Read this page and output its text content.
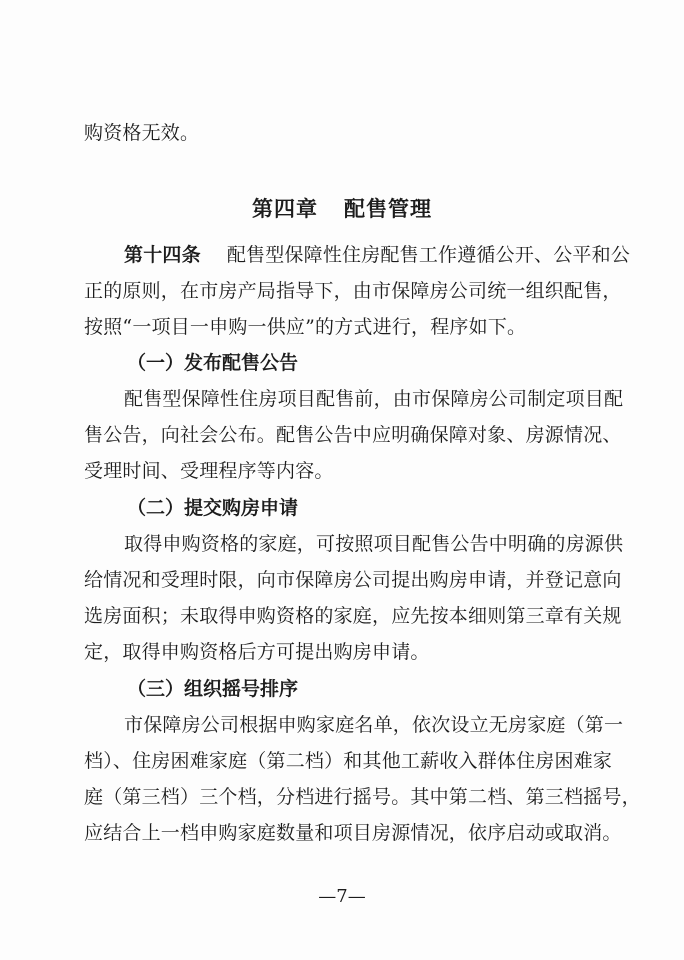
购资格无效。
第四章 配售管理
第十四条 配售型保障性住房配售工作遵循公开、公平和公
正的原则，在市房产局指导下，由市保障房公司统一组织配售，
按照“一项目一申购一供应”的方式进行，程序如下。
（一）发布配售公告
配售型保障性住房项目配售前，由市保障房公司制定项目配
售公告，向社会公布。配售公告中应明确保障对象、房源情况、
受理时间、受理程序等内容。
（二）提交购房申请
取得申购资格的家庭，可按照项目配售公告中明确的房源供
给情况和受理时限，向市保障房公司提出购房申请，并登记意向
选房面积；未取得申购资格的家庭，应先按本细则第三章有关规
定，取得申购资格后方可提出购房申请。
（三）组织摇号排序
市保障房公司根据申购家庭名单，依次设立无房家庭（第一
档）、住房困难家庭（第二档）和其他工薪收入群体住房困难家
庭（第三档）三个档，分档进行摇号。其中第二档、第三档摇号，
应结合上一档申购家庭数量和项目房源情况，依序启动或取消。
—7—
